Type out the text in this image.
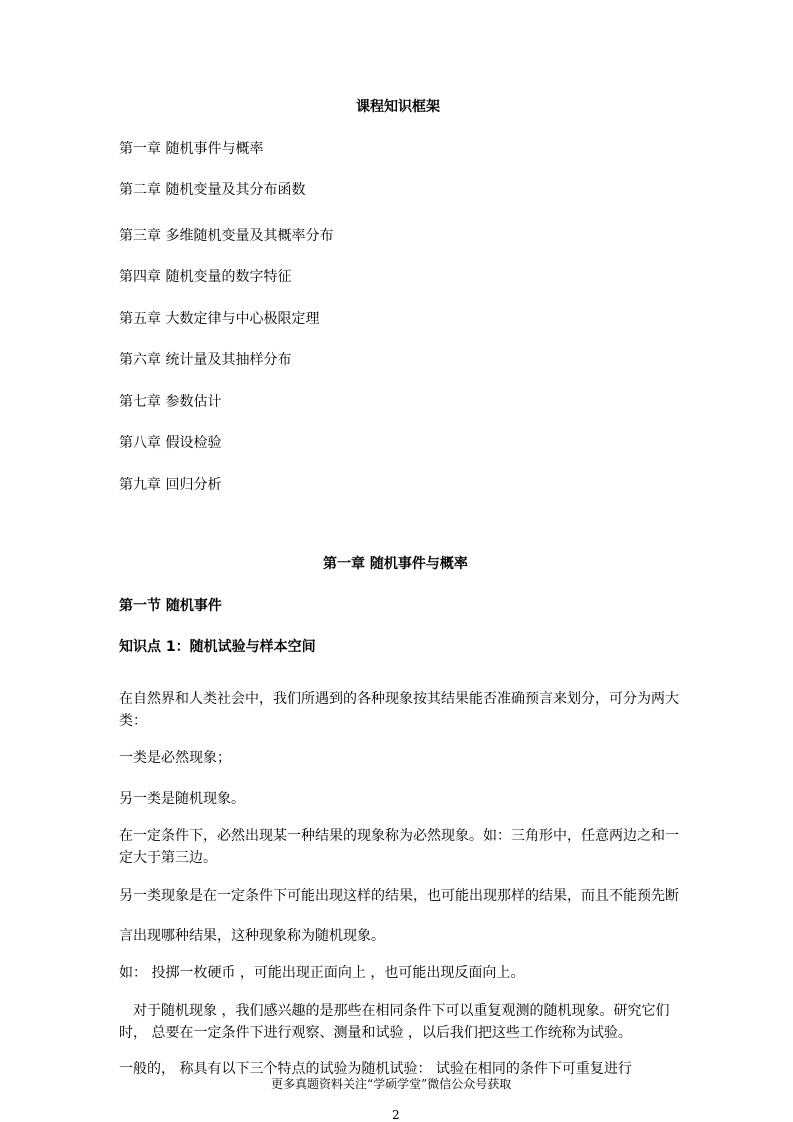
课程知识框架
第一章 随机事件与概率
第二章 随机变量及其分布函数
第三章 多维随机变量及其概率分布
第四章 随机变量的数字特征
第五章 大数定律与中心极限定理
第六章 统计量及其抽样分布
第七章 参数估计
第八章 假设检验
第九章 回归分析
第一章 随机事件与概率
第一节 随机事件
知识点 1：随机试验与样本空间
在自然界和人类社会中，我们所遇到的各种现象按其结果能否准确预言来划分，可分为两大类：
一类是必然现象；
另一类是随机现象。
在一定条件下，必然出现某一种结果的现象称为必然现象。如：三角形中，任意两边之和一定大于第三边。
另一类现象是在一定条件下可能出现这样的结果，也可能出现那样的结果，而且不能预先断
言出现哪种结果，这种现象称为随机现象。
如： 投掷一枚硬币 ，可能出现正面向上 ，也可能出现反面向上。
　对于随机现象 ，我们感兴趣的是那些在相同条件下可以重复观测的随机现象。研究它们时， 总要在一定条件下进行观察、测量和试验 ，以后我们把这些工作统称为试验。
一般的， 称具有以下三个特点的试验为随机试验： 试验在相同的条件下可重复进行
更多真题资料关注“学硕学堂”微信公众号获取
2
